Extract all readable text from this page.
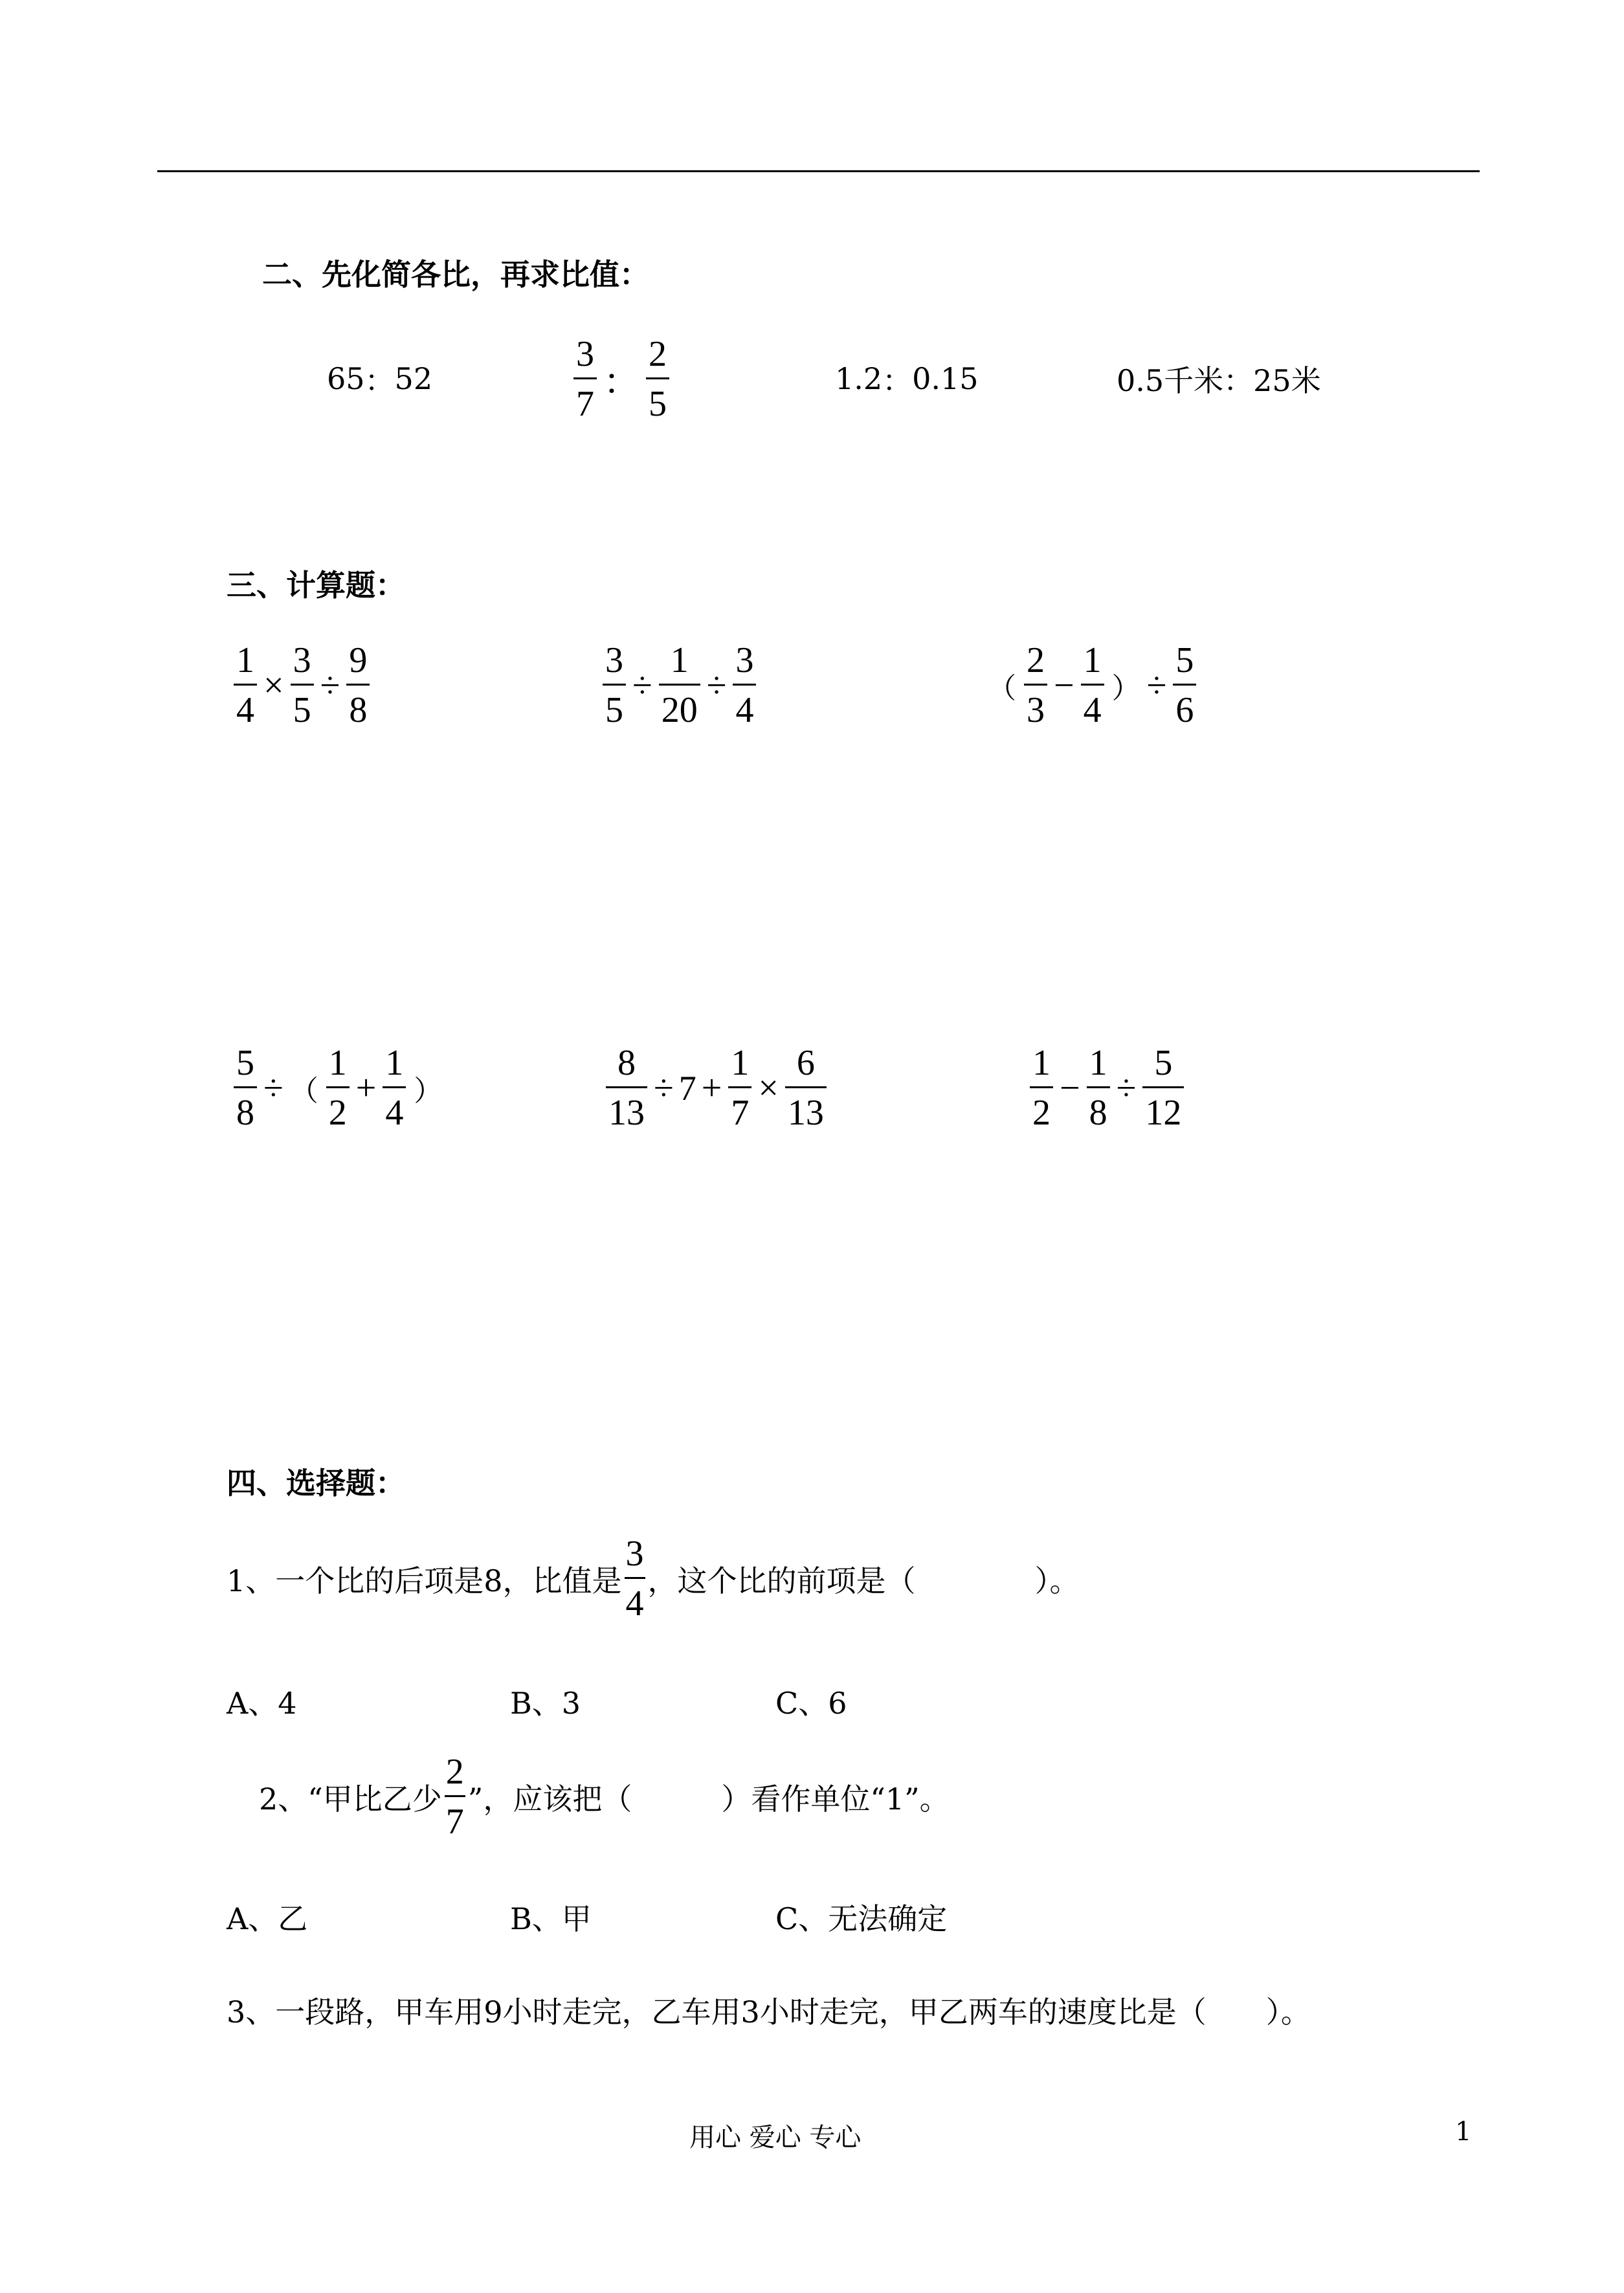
二、先化简各比，再求比值：
65 ： 52	$\frac{3}{7}$ ： $\frac{2}{5}$	1.2 ： 0.15	0.5千米 ： 25米
三、计算题：
$\frac{1}{4} \times \frac{3}{5} \div \frac{9}{8}$	$\frac{3}{5} \div \frac{1}{20} \div \frac{3}{4}$	（ $\frac{2}{3} - \frac{1}{4}$ ） ÷ $\frac{5}{6}$
$\frac{5}{8}$ ÷ （ $\frac{1}{2} + \frac{1}{4}$ ）	$\frac{8}{13} \div 7 + \frac{1}{7} \times \frac{6}{13}$	$\frac{1}{2} - \frac{1}{8} \div \frac{5}{12}$
四、选择题：
1、一个比的后项是8，比值是 $\frac{3}{4}$ ，这个比的前项是（　　　　）。
A、4	B、3	C、6
2、“甲比乙少 $\frac{2}{7}$ ”，应该把（　　　）看作单位“1”。
A、乙	B、甲	C、无法确定
3、一段路，甲车用9小时走完，乙车用3小时走完，甲乙两车的速度比是（　　）。
用心 爱心 专心	1
